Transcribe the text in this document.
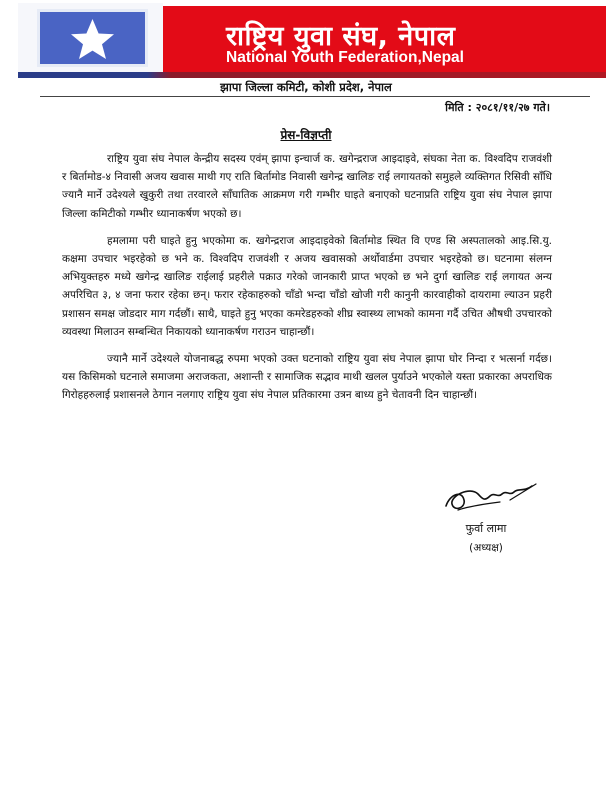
राष्ट्रिय युवा संघ, नेपाल
National Youth Federation,Nepal
झापा जिल्ला कमिटी, कोशी प्रदेश, नेपाल
मिति : २०८१/११/२७ गते।
प्रेस-विज्ञप्ती

राष्ट्रिय युवा संघ नेपाल केन्द्रीय सदस्य एवंम् झापा इन्चार्ज क. खगेन्द्रराज आइदाइवे, संघका नेता क. विश्वदिप राजवंशी र बिर्तामोड-४ निवासी अजय खवास माथी गए राति बिर्तामोड निवासी खगेन्द्र खालिङ राई लगायतको समुहले व्यक्तिगत रिसिवी साँधि ज्यानै मार्ने उदेश्यले खुकुरी तथा तरवारले साँघातिक आक्रमण गरी गम्भीर घाइते बनाएको घटनाप्रति राष्ट्रिय युवा संघ नेपाल झापा जिल्ला कमिटीको गम्भीर ध्यानाकर्षण भएको छ।

हमलामा परी घाइते हुनु भएकोमा क. खगेन्द्रराज आइदाइवेको बिर्तामोड स्थित वि एण्ड सि अस्पतालको आइ.सि.यु. कक्षमा उपचार भइरहेको छ भने क. विश्वदिप राजवंशी र अजय खवासको अर्थोवार्डमा उपचार भइरहेको छ। घटनामा संलग्न अभियुक्तहरु मध्ये खगेन्द्र खालिङ राईलाई प्रहरीले पक्राउ गरेको जानकारी प्राप्त भएको छ भने दुर्गा खालिङ राई लगायत अन्य अपरिचित ३, ४ जना फरार रहेका छन्। फरार रहेकाहरुको चाँडो भन्दा चाँडो खोजी गरी कानुनी कारवाहीको दायरामा ल्याउन प्रहरी प्रशासन समक्ष जोडदार माग गर्दछौं। साथै, घाइते हुनु भएका कमरेडहरुको शीघ्र स्वास्थ्य लाभको कामना गर्दै उचित औषधी उपचारको व्यवस्था मिलाउन सम्बन्धित निकायको ध्यानाकर्षण गराउन चाहान्छौं।

ज्यानै मार्ने उदेश्यले योजनाबद्ध रुपमा भएको उक्त घटनाको राष्ट्रिय युवा संघ नेपाल झापा घोर निन्दा र भत्सर्ना गर्दछ। यस किसिमको घटनाले समाजमा अराजकता, अशान्ती र सामाजिक सद्भाव माथी खलल पुर्याउने भएकोले यस्ता प्रकारका अपराधिक गिरोहहरुलाई प्रशासनले ठेगान नलगाए राष्ट्रिय युवा संघ नेपाल प्रतिकारमा उत्रन बाध्य हुने चेतावनी दिन चाहान्छौं।

फुर्वा लामा
(अध्यक्ष)
